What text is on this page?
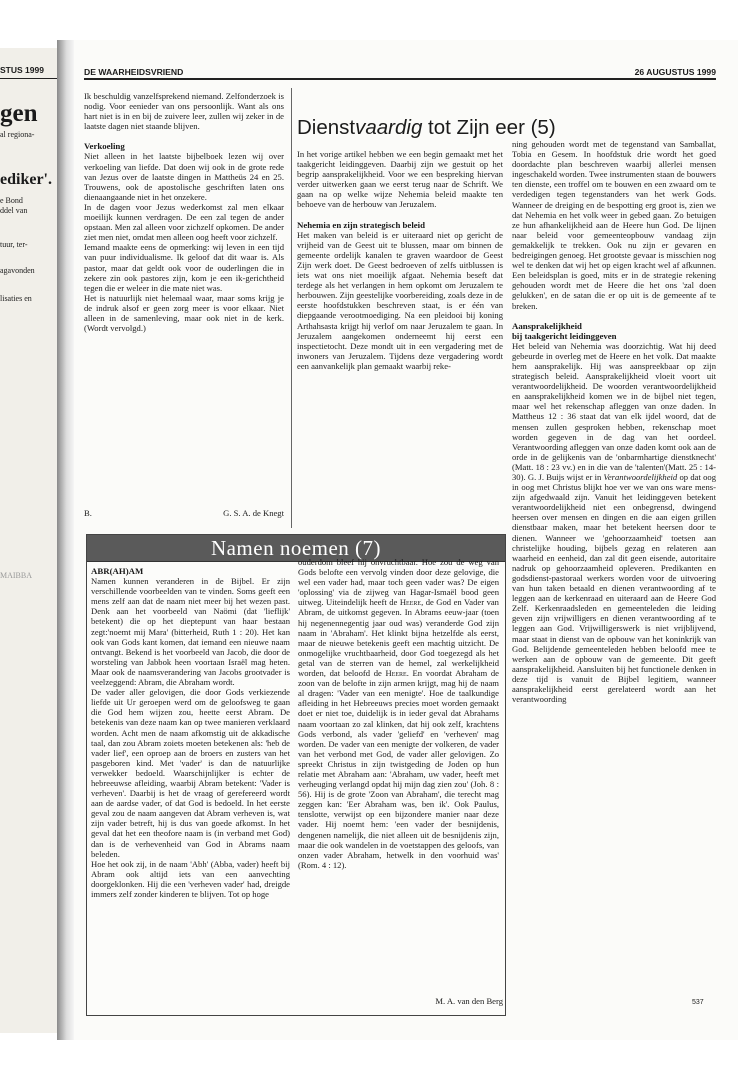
STUS 1999
gen
al regiona-
ediker'.
e Bond
ddel van
tuur, ter-
agavonden
lisaties en
MAIBBA
DE WAARHEIDSVRIEND	26 AUGUSTUS 1999

Ik beschuldig vanzelfsprekend niemand. Zelfonderzoek is nodig. Voor eenieder van ons persoonlijk. Want als ons hart niet is in en bij de zuivere leer, zullen wij zeker in de laatste dagen niet staande blijven.

Verkoeling

Niet alleen in het laatste bijbelboek lezen wij over verkoeling van liefde. Dat doen wij ook in de grote rede van Jezus over de laatste dingen in Mattheüs 24 en 25. Trouwens, ook de apostolische geschriften laten ons dienaangaande niet in het onzekere.

In de dagen voor Jezus wederkomst zal men elkaar moeilijk kunnen verdragen. De een zal tegen de ander opstaan. Men zal alleen voor zichzelf opkomen. De ander ziet men niet, omdat men alleen oog heeft voor zichzelf.

Iemand maakte eens de opmerking: wij leven in een tijd van puur individualisme. Ik geloof dat dit waar is. Als pastor, maar dat geldt ook voor de ouderlingen die in zekere zin ook pastores zijn, kom je een ik-gerichtheid tegen die er weleer in die mate niet was.

Het is natuurlijk niet helemaal waar, maar soms krijg je de indruk alsof er geen zorg meer is voor elkaar. Niet alleen in de samenleving, maar ook niet in de kerk. (Wordt vervolgd.)

B.	G. S. A. de Knegt
Dienstvaardig tot Zijn eer (5)

In het vorige artikel hebben we een begin gemaakt met het taakgericht leidinggeven. Daarbij zijn we gestuit op het begrip aansprakelijkheid. Voor we een bespreking hiervan verder uitwerken gaan we eerst terug naar de Schrift. We gaan na op welke wijze Nehemia beleid maakte ten behoeve van de herbouw van Jeruzalem.

Nehemia en zijn strategisch beleid

Het maken van beleid is er uiteraard niet op gericht de vrijheid van de Geest uit te blussen, maar om binnen de gemeente ordelijk kanalen te graven waardoor de Geest Zijn werk doet. De Geest bedroeven of zelfs uitblussen is iets wat ons niet moeilijk afgaat. Nehemia beseft dat terdege als het verlangen in hem opkomt om Jeruzalem te herbouwen. Zijn geestelijke voorbereiding, zoals deze in de eerste hoofdstukken beschreven staat, is er één van diepgaande verootmoediging. Na een pleidooi bij koning Arthahsasta krijgt hij verlof om naar Jeruzalem te gaan. In Jeruzalem aangekomen onderneemt hij eerst een inspectietocht. Deze mondt uit in een vergadering met de inwoners van Jeruzalem. Tijdens deze vergadering wordt een aanvankelijk plan gemaakt waarbij reke-

ning gehouden wordt met de tegenstand van Samballat, Tobia en Gesem. In hoofdstuk drie wordt het goed doordachte plan beschreven waarbij allerlei mensen ingeschakeld worden. Twee instrumenten staan de bouwers ten dienste, een troffel om te bouwen en een zwaard om te verdedigen tegen tegenstanders van het werk Gods. Wanneer de dreiging en de bespotting erg groot is, zien we dat Nehemia en het volk weer in gebed gaan. Zo betuigen ze hun afhankelijkheid aan de Heere hun God. De lijnen naar beleid voor gemeenteopbouw vandaag zijn gemakkelijk te trekken. Ook nu zijn er gevaren en bedreigingen genoeg. Het grootste gevaar is misschien nog wel te denken dat wij het op eigen kracht wel af afkunnen. Een beleidsplan is goed, mits er in de strategie rekening gehouden wordt met de Heere die het ons 'zal doen gelukken', en de satan die er op uit is de gemeente af te breken.

Aansprakelijkheid

bij taakgericht leidinggeven

Het beleid van Nehemia was doorzichtig. Wat hij deed gebeurde in overleg met de Heere en het volk. Dat maakte hem aansprakelijk. Hij was aanspreekbaar op zijn strategisch beleid. Aansprakelijkheid vloeit voort uit verantwoordelijkheid. De woorden verantwoordelijkheid en aansprakelijkheid komen we in de bijbel niet tegen, maar wel het rekenschap afleggen van onze daden. In Mattheus 12 : 36 staat dat van elk ijdel woord, dat de mensen zullen gesproken hebben, rekenschap moet worden gegeven in de dag van het oordeel. Verantwoording afleggen van onze daden komt ook aan de orde in de gelijkenis van de 'onbarmhartige dienstknecht' (Matt. 18 : 23 vv.) en in die van de 'talenten'(Matt. 25 : 14-30). G. J. Buijs wijst er in Verantwoordelijkheid op dat oog in oog met Christus blijkt hoe ver we van ons ware mens-zijn afgedwaald zijn. Vanuit het leidinggeven betekent verantwoordelijkheid niet een onbegrensd, dwingend heersen over mensen en dingen en die aan eigen grillen dienstbaar maken, maar het betekent heersen door te dienen. Wanneer we 'gehoorzaamheid' toetsen aan christelijke houding, bijbels gezag en relateren aan waarheid en eenheid, dan zal dit geen eisende, autoritaire nadruk op gehoorzaamheid opleveren. Predikanten en godsdienst-pastoraal werkers worden voor de uitvoering van hun taken betaald en dienen verantwoording af te leggen aan de kerkenraad en uiteraard aan de Heere God Zelf. Kerkenraadsleden en gemeenteleden die leiding geven zijn vrijwilligers en dienen verantwoording af te leggen aan God. Vrijwilligerswerk is niet vrijblijvend, maar staat in dienst van de opbouw van het koninkrijk van God. Belijdende gemeenteleden hebben beloofd mee te werken aan de opbouw van de gemeente. Dit geeft aansprakelijkheid. Aansluiten bij het functionele denken in deze tijd is vanuit de Bijbel legitiem, wanneer aansprakelijkheid eerst gerelateerd wordt aan het verantwoording

Namen noemen (7)

ABR(AH)AM

Namen kunnen veranderen in de Bijbel. Er zijn verschillende voorbeelden van te vinden. Soms geeft een mens zelf aan dat de naam niet meer bij het wezen past. Denk aan het voorbeeld van Naömi (dat 'lieflijk' betekent) die op het dieptepunt van haar bestaan zegt:'noemt mij Mara' (bitterheid, Ruth 1 : 20). Het kan ook van Gods kant komen, dat iemand een nieuwe naam ontvangt. Bekend is het voorbeeld van Jacob, die door de worsteling van Jabbok heen voortaan Israël mag heten. Maar ook de naamsverandering van Jacobs grootvader is veelzeggend: Abram, die Abraham wordt.

De vader aller gelovigen, die door Gods verkiezende liefde uit Ur geroepen werd om de geloofsweg te gaan die God hem wijzen zou, heette eerst Abram. De betekenis van deze naam kan op twee manieren verklaard worden. Acht men de naam afkomstig uit de akkadische taal, dan zou Abram zoiets moeten betekenen als: 'heb de vader lief', een oproep aan de broers en zusters van het pasgeboren kind. Met 'vader' is dan de natuurlijke verwekker bedoeld. Waarschijnlijker is echter de hebreeuwse afleiding, waarbij Abram betekent: 'Vader is verheven'. Daarbij is het de vraag of gerefereerd wordt aan de aardse vader, of dat God is bedoeld. In het eerste geval zou de naam aangeven dat Abram verheven is, wat zijn vader betreft, hij is dus van goede afkomst. In het geval dat het een theofore naam is (in verband met God) dan is de verhevenheid van God in Abrams naam beleden.

Hoe het ook zij, in de naam 'Abh' (Abba, vader) heeft bij Abram ook altijd iets van een aanvechting doorgeklonken. Hij die een 'verheven vader' had, dreigde immers zelf zonder kinderen te blijven. Tot op hoge

ouderdom bleef hij onvruchtbaar. Hoe zou de weg van Gods belofte een vervolg vinden door deze gelovige, die wel een vader had, maar toch geen vader was? De eigen 'oplossing' via de zijweg van Hagar-Ismaël bood geen uitweg. Uiteindelijk heeft de Heere, de God en Vader van Abram, de uitkomst gegeven. In Abrams eeuw-jaar (toen hij negenennegentig jaar oud was) veranderde God zijn naam in 'Abraham'. Het klinkt bijna hetzelfde als eerst, maar de nieuwe betekenis geeft een machtig uitzicht. De onmogelijke vruchtbaarheid, door God toegezegd als het getal van de sterren van de hemel, zal werkelijkheid worden, dat beloofd de Heere. En voordat Abraham de zoon van de belofte in zijn armen krijgt, mag hij de naam al dragen: 'Vader van een menigte'. Hoe de taalkundige afleiding in het Hebreeuws precies moet worden gemaakt doet er niet toe, duidelijk is in ieder geval dat Abrahams naam voortaan zo zal klinken, dat hij ook zelf, krachtens Gods verbond, als vader 'geliefd' en 'verheven' mag worden. De vader van een menigte der volkeren, de vader van het verbond met God, de vader aller gelovigen. Zo spreekt Christus in zijn twistgeding de Joden op hun relatie met Abraham aan: 'Abraham, uw vader, heeft met verheuging verlangd opdat hij mijn dag zien zou' (Joh. 8 : 56). Hij is de grote 'Zoon van Abraham', die terecht mag zeggen kan: 'Eer Abraham was, ben ik'. Ook Paulus, tenslotte, verwijst op een bijzondere manier naar deze vader. Hij noemt hem: 'een vader der besnijdenis, dengenen namelijk, die niet alleen uit de besnijdenis zijn, maar die ook wandelen in de voetstappen des geloofs, van onzen vader Abraham, hetwelk in den voorhuid was' (Rom. 4 : 12).

M. A. van den Berg	537
